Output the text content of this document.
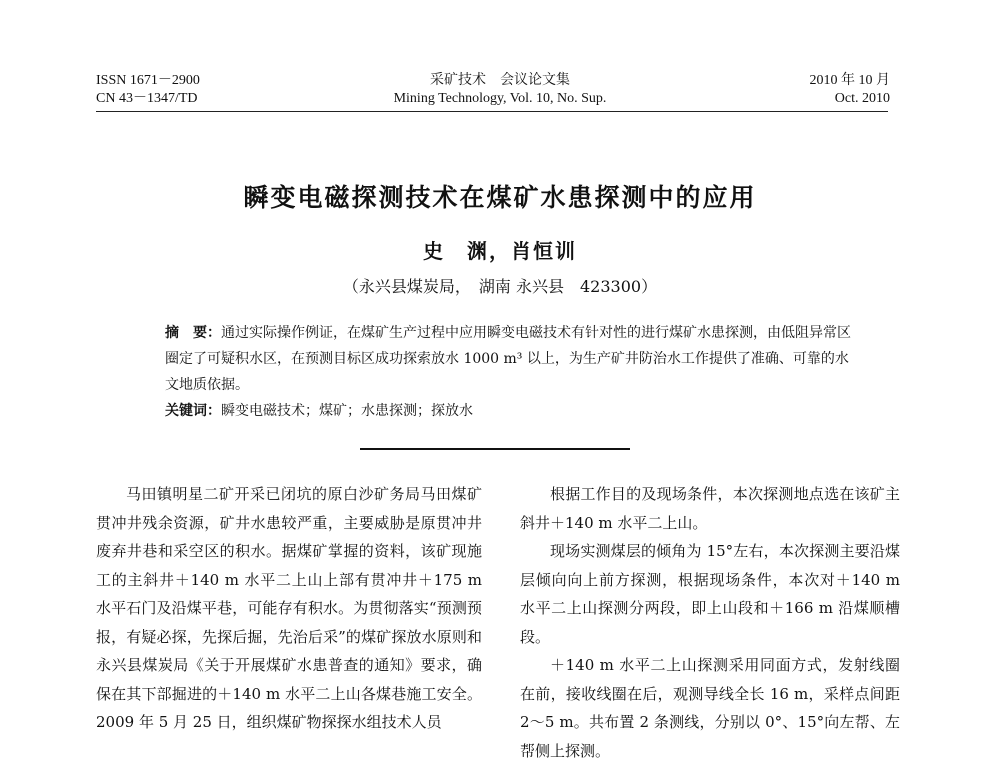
ISSN 1671－2900
CN 43－1347/TD
采矿技术　会议论文集
Mining Technology, Vol. 10, No. Sup.
2010 年 10 月
Oct. 2010
瞬变电磁探测技术在煤矿水患探测中的应用
史　渊，肖恒训
（永兴县煤炭局，　湖南 永兴县　423300）
摘　要：通过实际操作例证，在煤矿生产过程中应用瞬变电磁技术有针对性的进行煤矿水患探测，由低阻异常区圈定了可疑积水区，在预测目标区成功探索放水 1000 m³ 以上，为生产矿井防治水工作提供了准确、可靠的水文地质依据。
关键词：瞬变电磁技术；煤矿；水患探测；探放水

马田镇明星二矿开采已闭坑的原白沙矿务局马田煤矿贯冲井残余资源，矿井水患较严重，主要威胁是原贯冲井废弃井巷和采空区的积水。据煤矿掌握的资料，该矿现施工的主斜井＋140 m 水平二上山上部有贯冲井＋175 m 水平石门及沿煤平巷，可能存有积水。为贯彻落实“预测预报，有疑必探，先探后掘，先治后采”的煤矿探放水原则和永兴县煤炭局《关于开展煤矿水患普查的通知》要求，确保在其下部掘进的＋140 m 水平二上山各煤巷施工安全。2009 年 5 月 25 日，组织煤矿物探探水组技术人员

根据工作目的及现场条件，本次探测地点选在该矿主斜井＋140 m 水平二上山。

现场实测煤层的倾角为 15°左右，本次探测主要沿煤层倾向向上前方探测，根据现场条件，本次对＋140 m 水平二上山探测分两段，即上山段和＋166 m 沿煤顺槽段。

＋140 m 水平二上山探测采用同面方式，发射线圈在前，接收线圈在后，观测导线全长 16 m，采样点间距 2～5 m。共布置 2 条测线，分别以 0°、15°向左帮、左帮侧上探测。
